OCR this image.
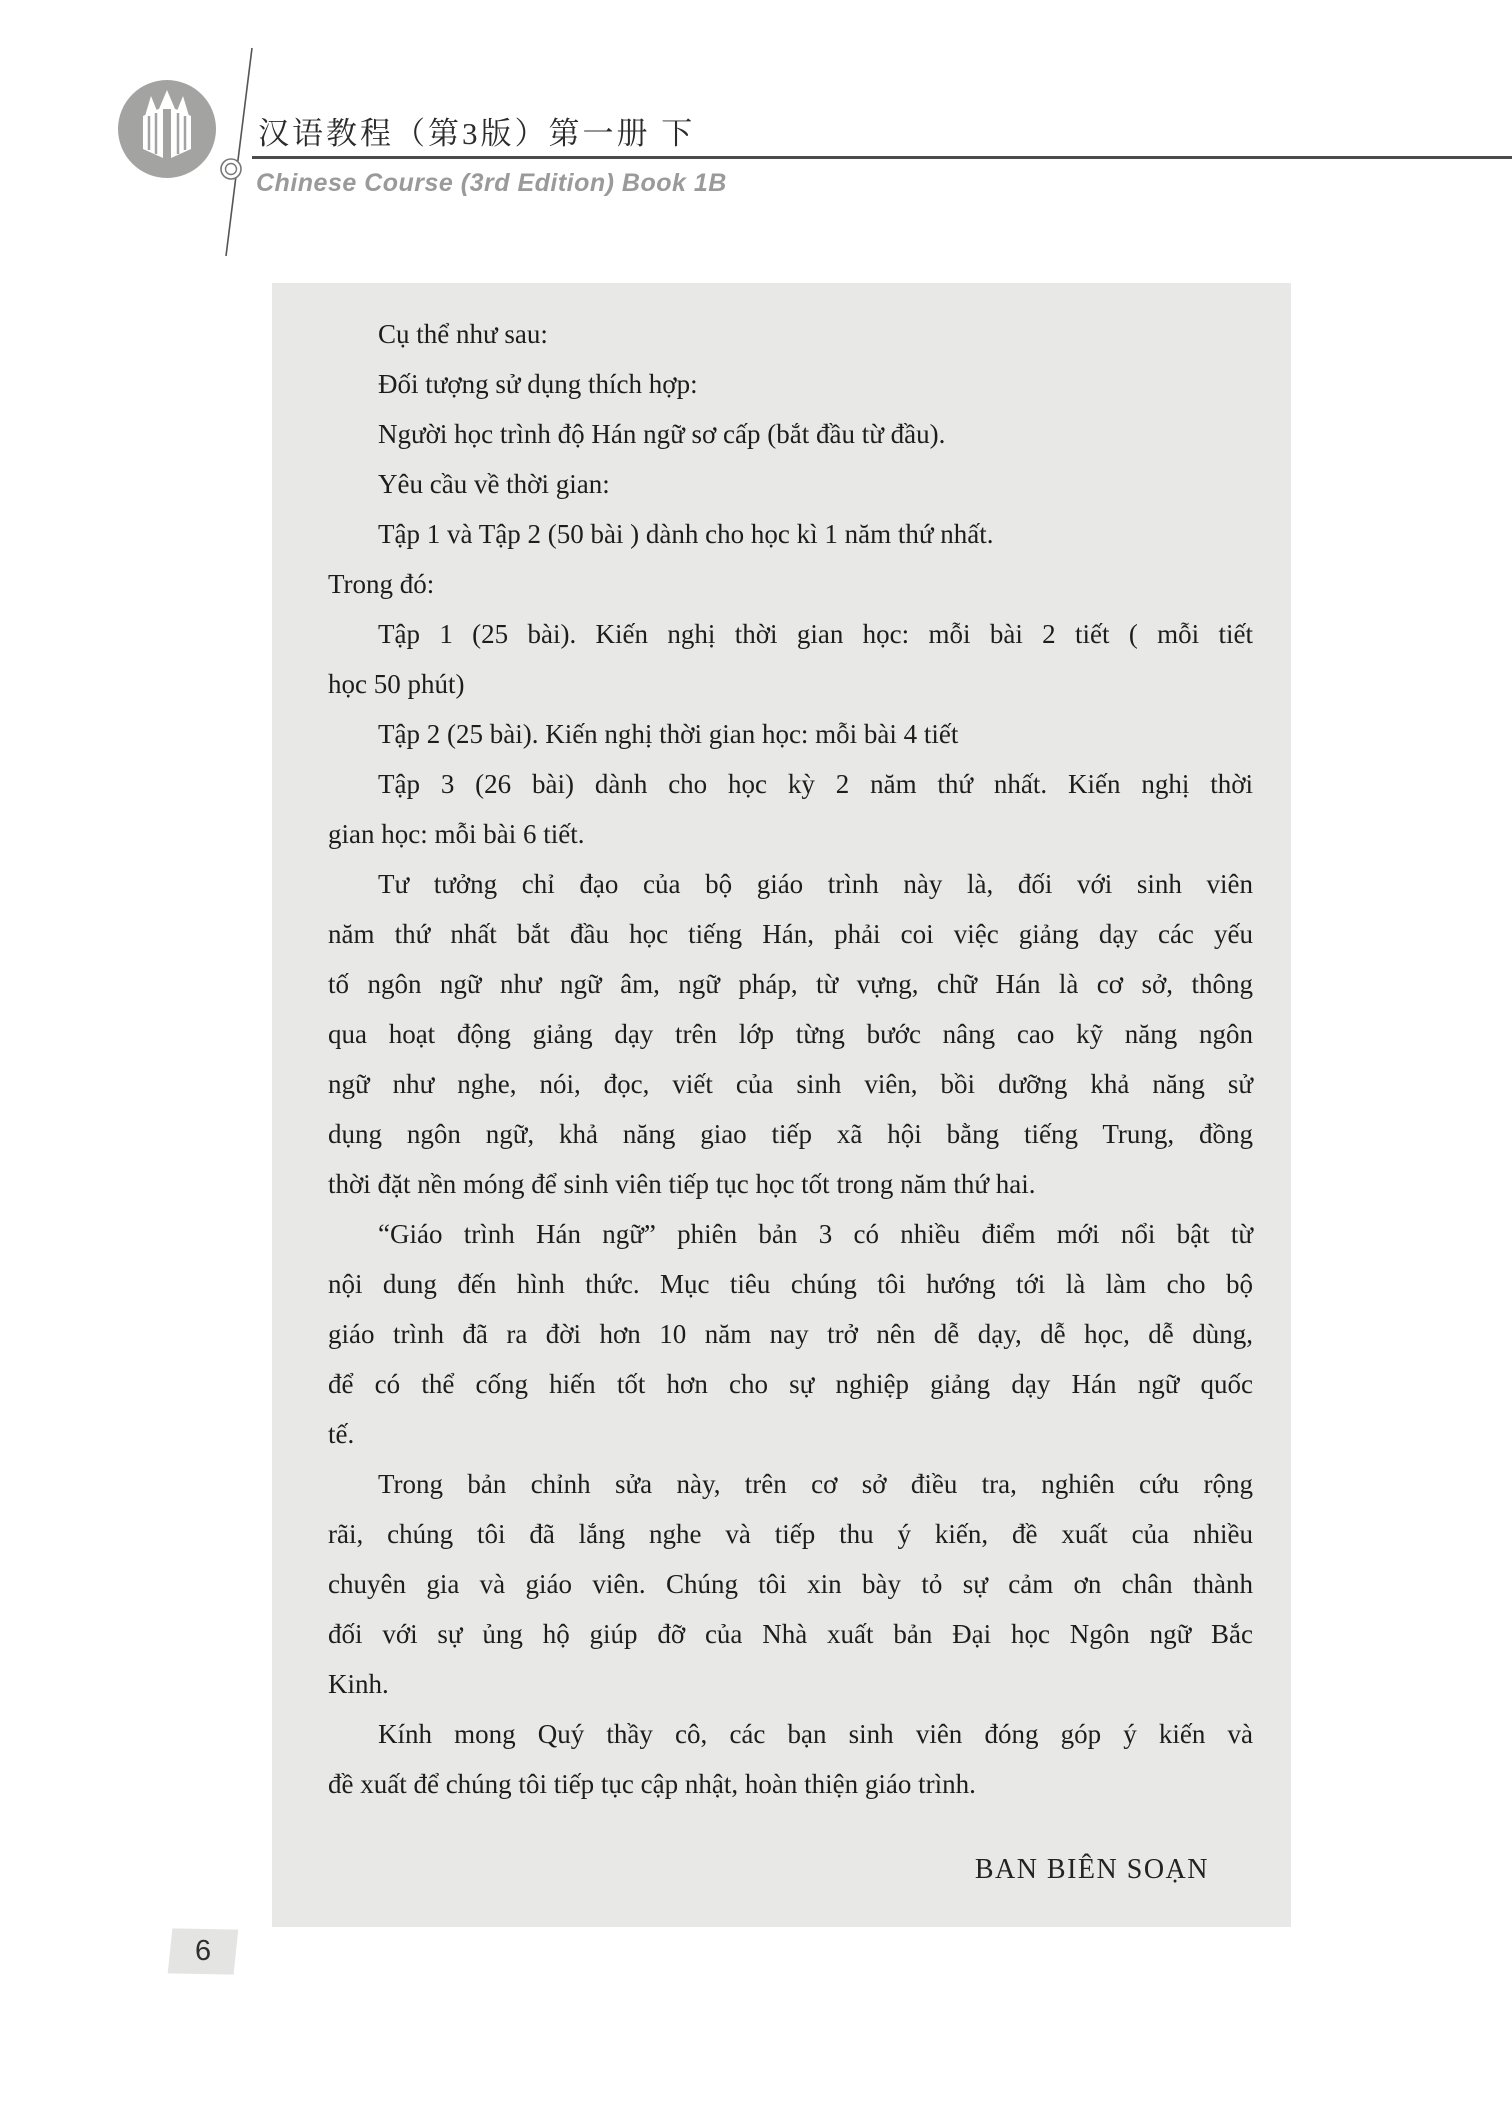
汉语教程（第3版）第一册 下
Chinese Course (3rd Edition) Book 1B
Cụ thể như sau:
Đối tượng sử dụng thích hợp:
Người học trình độ Hán ngữ sơ cấp (bắt đầu từ đầu).
Yêu cầu về thời gian:
Tập 1 và Tập 2 (50 bài ) dành cho học kì 1 năm thứ nhất.
Trong đó:
Tập 1 (25 bài). Kiến nghị thời gian học: mỗi bài 2 tiết ( mỗi tiết
học 50 phút)
Tập 2 (25 bài). Kiến nghị thời gian học: mỗi bài 4 tiết
Tập 3 (26 bài) dành cho học kỳ 2 năm thứ nhất. Kiến nghị thời
gian học: mỗi bài 6 tiết.
Tư tưởng chỉ đạo của bộ giáo trình này là, đối với sinh viên
năm thứ nhất bắt đầu học tiếng Hán, phải coi việc giảng dạy các yếu
tố ngôn ngữ như ngữ âm, ngữ pháp, từ vựng, chữ Hán là cơ sở, thông
qua hoạt động giảng dạy trên lớp từng bước nâng cao kỹ năng ngôn
ngữ như nghe, nói, đọc, viết của sinh viên, bồi dưỡng khả năng sử
dụng ngôn ngữ, khả năng giao tiếp xã hội bằng tiếng Trung, đồng
thời đặt nền móng để sinh viên tiếp tục học tốt trong năm thứ hai.
“Giáo trình Hán ngữ” phiên bản 3 có nhiều điểm mới nổi bật từ
nội dung đến hình thức. Mục tiêu chúng tôi hướng tới là làm cho bộ
giáo trình đã ra đời hơn 10 năm nay trở nên dễ dạy, dễ học, dễ dùng,
để có thể cống hiến tốt hơn cho sự nghiệp giảng dạy Hán ngữ quốc
tế.
Trong bản chỉnh sửa này, trên cơ sở điều tra, nghiên cứu rộng
rãi, chúng tôi đã lắng nghe và tiếp thu ý kiến, đề xuất của nhiều
chuyên gia và giáo viên. Chúng tôi xin bày tỏ sự cảm ơn chân thành
đối với sự ủng hộ giúp đỡ của Nhà xuất bản Đại học Ngôn ngữ Bắc
Kinh.
Kính mong Quý thầy cô, các bạn sinh viên đóng góp ý kiến và
đề xuất để chúng tôi tiếp tục cập nhật, hoàn thiện giáo trình.
BAN BIÊN SOẠN
6
